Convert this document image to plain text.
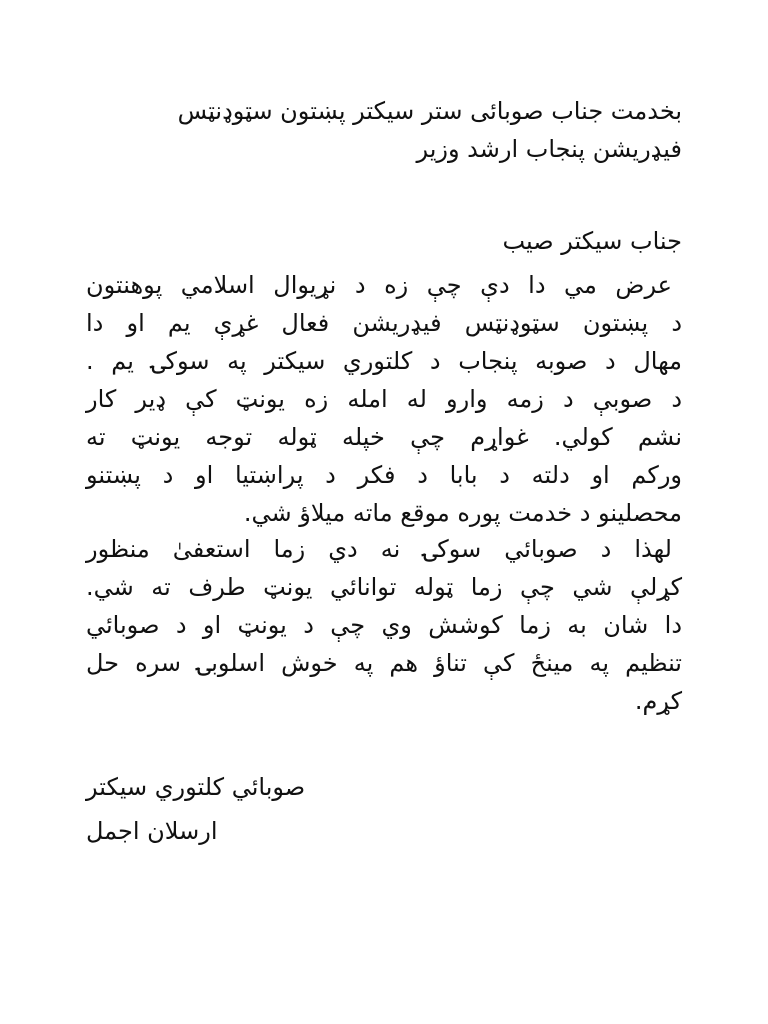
بخدمت جناب صوبائی ستر سیکتر پښتون سټوډنټس
فیډریشن پنجاب ارشد وزیر
جناب سیکتر صیب
عرض مي دا دې چې زه د نړیوال اسلامي پوهنتون
د پښتون سټوډنټس فیډریشن فعال غړې یم او دا
مهال د صوبه پنجاب د کلتوري سیکتر په سوکۍ یم .
د صوبې د زمه وارو له امله زه یونټ کې ډیر کار
نشم کولي. غواړم چې خپله ټوله توجه یونټ ته
ورکم او دلته د بابا د فکر د پراښتیا او د پښتنو
محصلینو د خدمت پوره موقع ماته میلاؤ شي.
لهذا د صوبائي سوکۍ نه دي زما استعفیٰ منظور
کړلې شي چې زما ټوله توانائي یونټ طرف ته شي.
دا شان به زما کوشش وي چې د یونټ او د صوبائي
تنظیم په مینځ کې تناؤ هم په خوش اسلوبۍ سره حل
کړم.
صوبائي کلتوري سیکتر
ارسلان اجمل
